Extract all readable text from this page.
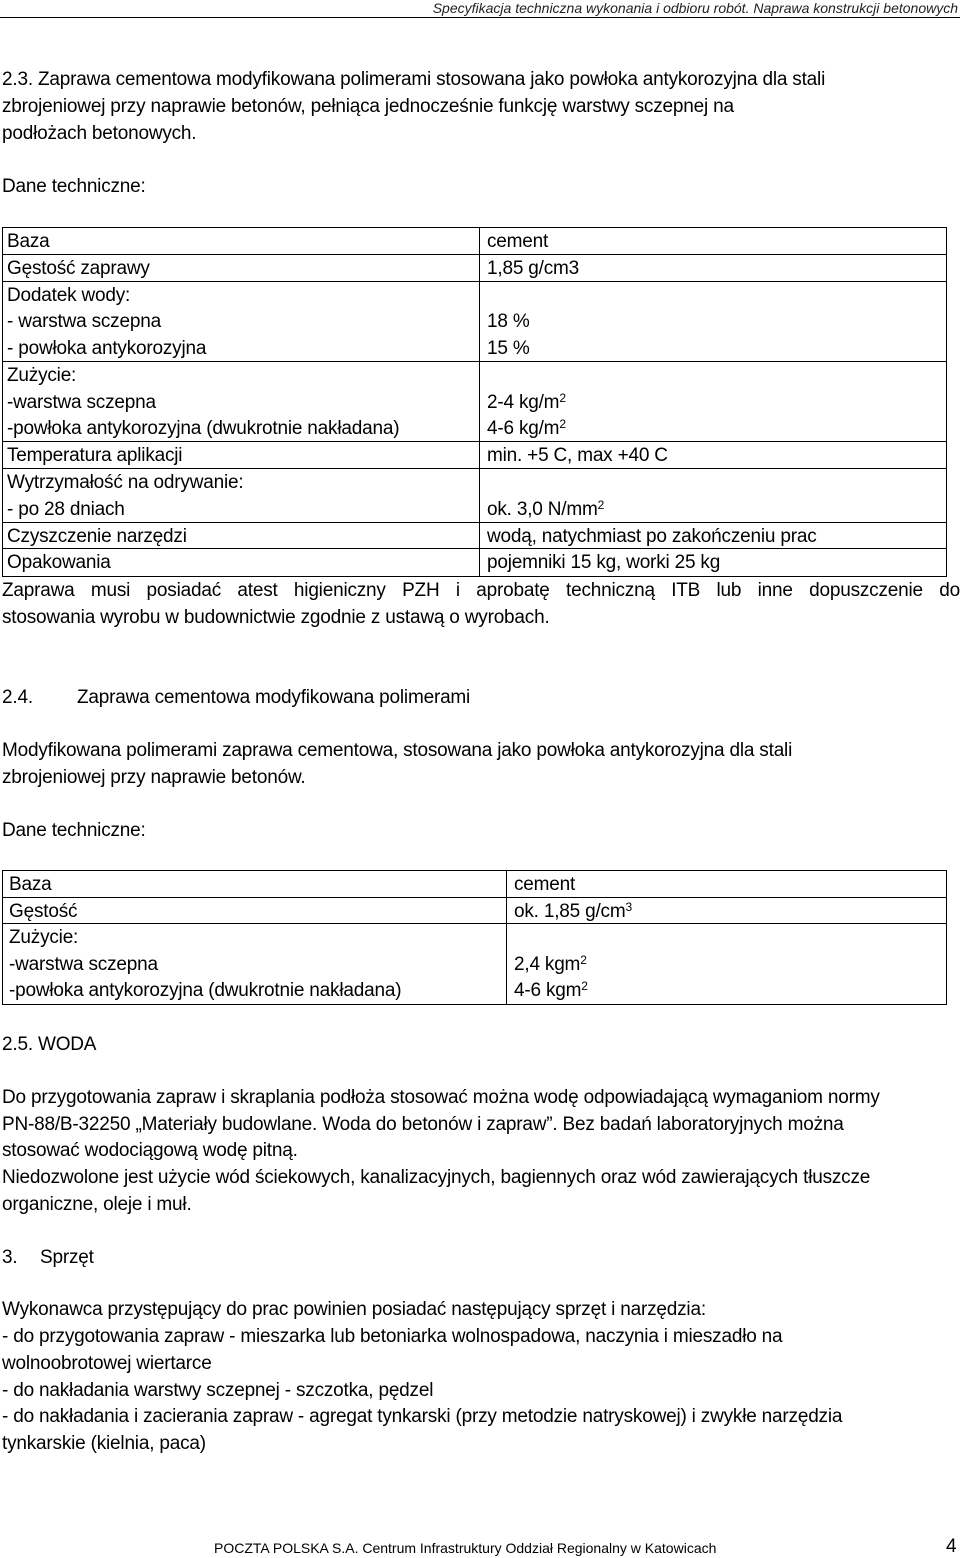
Specyfikacja techniczna wykonania i odbioru robót. Naprawa konstrukcji betonowych
2.3. Zaprawa cementowa modyfikowana polimerami stosowana jako powłoka antykorozyjna dla stali
zbrojeniowej przy naprawie betonów, pełniąca jednocześnie funkcję warstwy sczepnej na
podłożach betonowych.
Dane techniczne:
Baza	cement
Gęstość zaprawy	1,85 g/cm3
Dodatek wody:
- warstwa sczepna	18 %
- powłoka antykorozyjna	15 %
Zużycie:
-warstwa sczepna	2-4 $kg/m^2$
-powłoka antykorozyjna (dwukrotnie nakładana)	4-6 $kg/m^2$
Temperatura aplikacji	min. +5 C, max +40 C
Wytrzymałość na odrywanie:
- po 28 dniach	ok. 3,0 $N/mm^2$
Czyszczenie narzędzi	wodą, natychmiast po zakończeniu prac
Opakowania	pojemniki 15 kg, worki 25 kg
Zaprawa musi posiadać atest higieniczny PZH i aprobatę techniczną ITB lub inne dopuszczenie do
stosowania wyrobu w budownictwie zgodnie z ustawą o wyrobach.
2.4. Zaprawa cementowa modyfikowana polimerami
Modyfikowana polimerami zaprawa cementowa, stosowana jako powłoka antykorozyjna dla stali
zbrojeniowej przy naprawie betonów.
Dane techniczne:
Baza	cement
Gęstość	ok. 1,85 $g/cm^3$
Zużycie:
-warstwa sczepna	2,4 kgm$^2$
-powłoka antykorozyjna (dwukrotnie nakładana)	4-6 kgm$^2$
2.5. WODA
Do przygotowania zapraw i skraplania podłoża stosować można wodę odpowiadającą wymaganiom normy
PN-88/B-32250 „Materiały budowlane. Woda do betonów i zapraw”. Bez badań laboratoryjnych można
stosować wodociągową wodę pitną.
Niedozwolone jest użycie wód ściekowych, kanalizacyjnych, bagiennych oraz wód zawierających tłuszcze
organiczne, oleje i muł.
3. Sprzęt
Wykonawca przystępujący do prac powinien posiadać następujący sprzęt i narzędzia:
- do przygotowania zapraw - mieszarka lub betoniarka wolnospadowa, naczynia i mieszadło na
wolnoobrotowej wiertarce
- do nakładania warstwy sczepnej - szczotka, pędzel
- do nakładania i zacierania zapraw - agregat tynkarski (przy metodzie natryskowej) i zwykłe narzędzia
tynkarskie (kielnia, paca)
POCZTA POLSKA S.A. Centrum Infrastruktury Oddział Regionalny w Katowicach	4
